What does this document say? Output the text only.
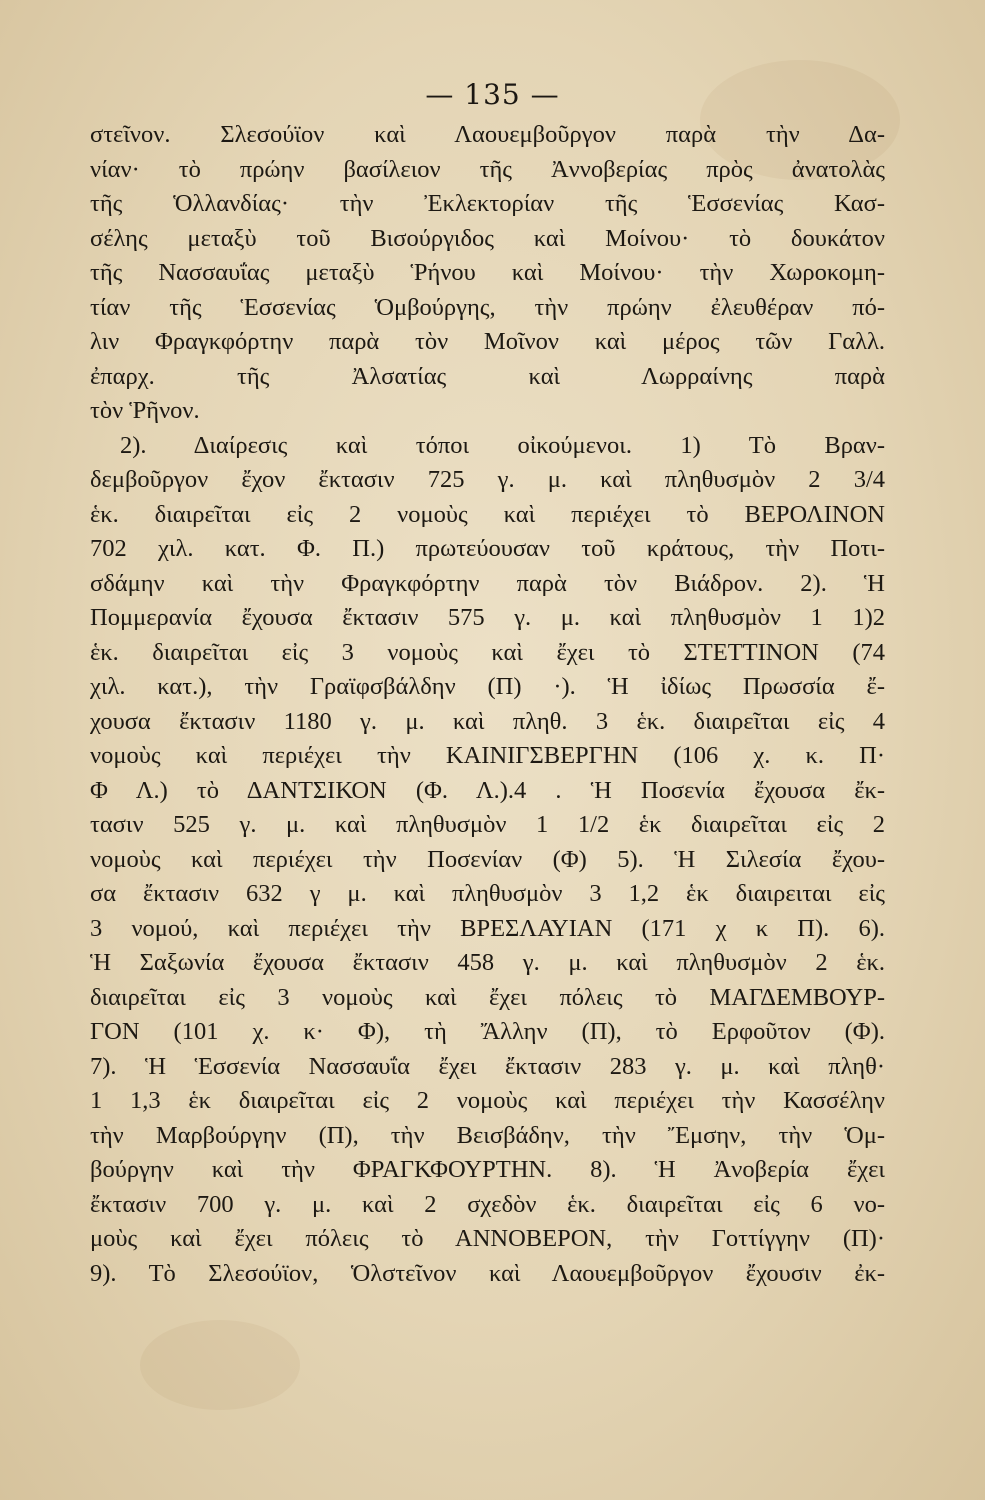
— 135 —
στεῖνον. Σλεσούϊον καὶ Λαουεμβοῦργον παρὰ τὴν Δα-
νίαν· τὸ πρώην βασίλειον τῆς Ἀννοβερίας πρὸς ἀνατολὰς
τῆς Ὁλλανδίας· τὴν Ἐκλεκτορίαν τῆς Ἑσσενίας Κασ-
σέλης μεταξὺ τοῦ Βισούργιδος καὶ Μοίνου· τὸ δουκάτον
τῆς Νασσαυΐας μεταξὺ Ῥήνου καὶ Μοίνου· τὴν Χωροκομη-
τίαν τῆς Ἑσσενίας Ὁμβούργης, τὴν πρώην ἐλευθέραν πό-
λιν Φραγκφόρτην παρὰ τὸν Μοῖνον καὶ μέρος τῶν Γαλλ.
ἐπαρχ. τῆς Ἀλσατίας καὶ Λωρραίνης παρὰ
τὸν Ῥῆνον.
2). Διαίρεσις καὶ τόποι οἰκούμενοι. 1) Τὸ Βραν-
δεμβοῦργον ἔχον ἔκτασιν 725 γ. μ. καὶ πληθυσμὸν 2 3/4
ἑκ. διαιρεῖται εἰς 2 νομοὺς καὶ περιέχει τὸ ΒΕΡΟΛΙΝΟΝ
702 χιλ. κατ. Φ. Π.) πρωτεύουσαν τοῦ κράτους, τὴν Ποτι-
σδάμην καὶ τὴν Φραγκφόρτην παρὰ τὸν Βιάδρον. 2). Ἡ
Πομμερανία ἔχουσα ἔκτασιν 575 γ. μ. καὶ πληθυσμὸν 1 1)2
ἑκ. διαιρεῖται εἰς 3 νομοὺς καὶ ἔχει τὸ ΣΤΕΤΤΙΝΟΝ (74
χιλ. κατ.), τὴν Γραϊφσβάλδην (Π) ·). Ἡ ἰδίως Πρωσσία ἔ-
χουσα ἔκτασιν 1180 γ. μ. καὶ πληθ. 3 ἑκ. διαιρεῖται εἰς 4
νομοὺς καὶ περιέχει τὴν ΚΑΙΝΙΓΣΒΕΡΓΗΝ (106 χ. κ. Π·
Φ Λ.) τὸ ΔΑΝΤΣΙΚΟΝ (Φ. Λ.).4 . Ἡ Ποσενία ἔχουσα ἔκ-
τασιν 525 γ. μ. καὶ πληθυσμὸν 1 1/2 ἑκ διαιρεῖται εἰς 2
νομοὺς καὶ περιέχει τὴν Ποσενίαν (Φ) 5). Ἡ Σιλεσία ἔχου-
σα ἔκτασιν 632 γ μ. καὶ πληθυσμὸν 3 1,2 ἑκ διαιρειται εἰς
3 νομού, καὶ περιέχει τὴν ΒΡΕΣΛΑΥΙΑΝ (171 χ κ Π). 6).
Ἡ Σαξωνία ἔχουσα ἔκτασιν 458 γ. μ. καὶ πληθυσμὸν 2 ἑκ.
διαιρεῖται εἰς 3 νομοὺς καὶ ἔχει πόλεις τὸ ΜΑΓΔΕΜΒΟΥΡ-
ΓΟΝ (101 χ. κ· Φ), τὴ Ἄλλην (Π), τὸ Ερφοῦτον (Φ).
7). Ἡ Ἑσσενία Νασσαυΐα ἔχει ἔκτασιν 283 γ. μ. καὶ πληθ·
1 1,3 ἑκ διαιρεῖται εἰς 2 νομοὺς καὶ περιέχει τὴν Κασσέλην
τὴν Μαρβούργην (Π), τὴν Βεισβάδην, τὴν Ἔμσην, τὴν Ὁμ-
βούργην καὶ τὴν ΦΡΑΓΚΦΟΥΡΤΗΝ. 8). Ἡ Ἀνοβερία ἔχει
ἔκτασιν 700 γ. μ. καὶ 2 σχεδὸν ἑκ. διαιρεῖται εἰς 6 νο-
μοὺς καὶ ἔχει πόλεις τὸ ΑΝΝΟΒΕΡΟΝ, τὴν Γοττίγγην (Π)·
9). Τὸ Σλεσούϊον, Ὁλστεῖνον καὶ Λαουεμβοῦργον ἔχουσιν ἐκ-
